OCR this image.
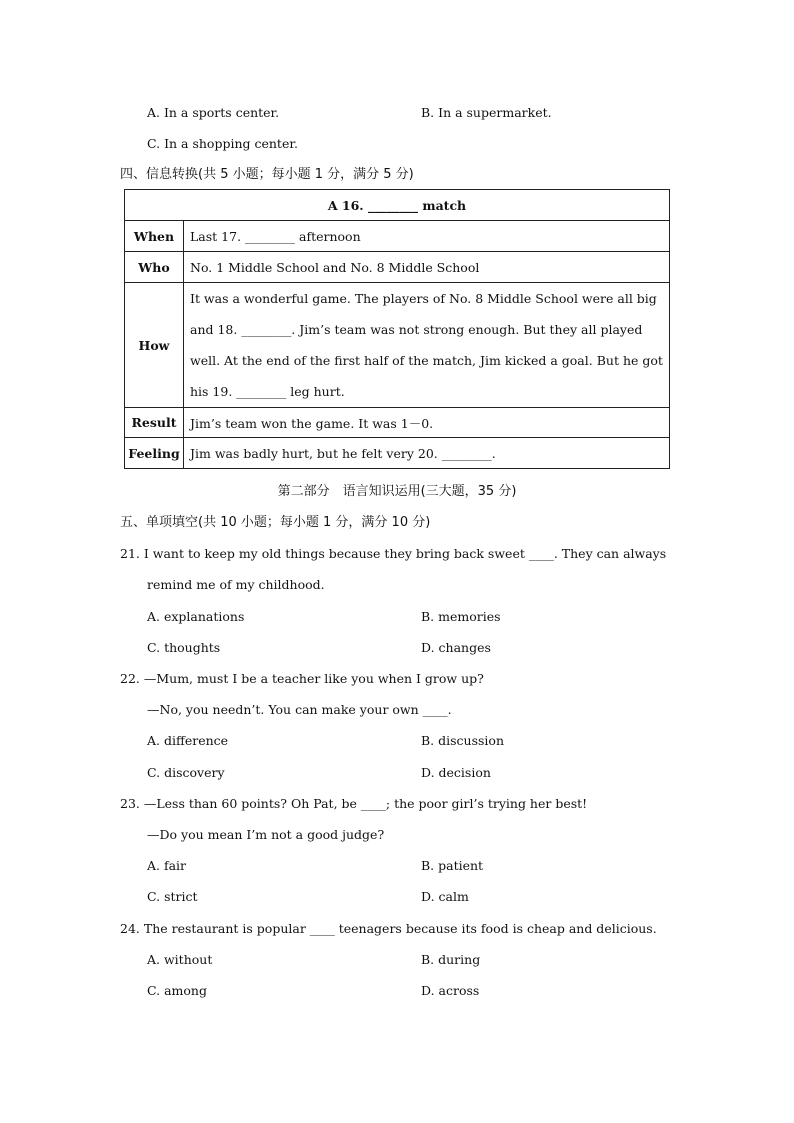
A. In a sports center.	B. In a supermarket.
C. In a shopping center.
四、信息转换(共 5 小题；每小题 1 分，满分 5 分)
A 16. ________ match	
When	Last 17. ________ afternoon
Who	No. 1 Middle School and No. 8 Middle School
How	It was a wonderful game. The players of No. 8 Middle School were all big and 18. ________. Jim’s team was not strong enough. But they all played well. At the end of the first half of the match, Jim kicked a goal. But he got his 19. ________ leg hurt.
Result	Jim’s team won the game. It was 1－0.
Feeling	Jim was badly hurt, but he felt very 20. ________.
第二部分　语言知识运用(三大题，35 分)
五、单项填空(共 10 小题；每小题 1 分，满分 10 分)
21. I want to keep my old things because they bring back sweet ____. They can always
remind me of my childhood.
A. explanations	B. memories
C. thoughts	D. changes
22. —Mum, must I be a teacher like you when I grow up?
—No, you needn’t. You can make your own ____.
A. difference	B. discussion
C. discovery	D. decision
23. —Less than 60 points? Oh Pat, be ____; the poor girl’s trying her best!
—Do you mean I’m not a good judge?
A. fair	B. patient
C. strict	D. calm
24. The restaurant is popular ____ teenagers because its food is cheap and delicious.
A. without	B. during
C. among	D. across
